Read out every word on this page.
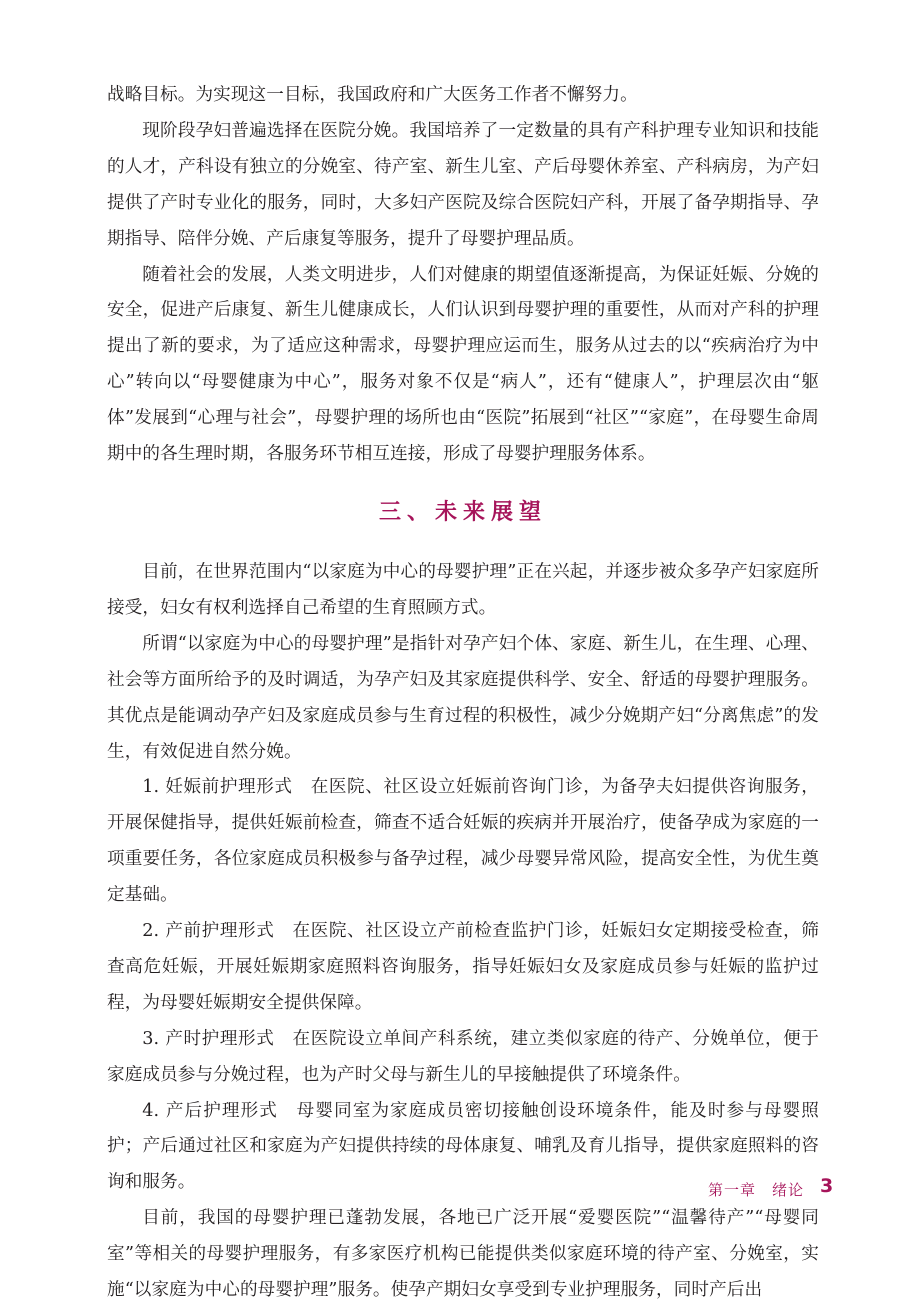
战略目标。为实现这一目标，我国政府和广大医务工作者不懈努力。

现阶段孕妇普遍选择在医院分娩。我国培养了一定数量的具有产科护理专业知识和技能的人才，产科设有独立的分娩室、待产室、新生儿室、产后母婴休养室、产科病房，为产妇提供了产时专业化的服务，同时，大多妇产医院及综合医院妇产科，开展了备孕期指导、孕期指导、陪伴分娩、产后康复等服务，提升了母婴护理品质。

随着社会的发展，人类文明进步，人们对健康的期望值逐渐提高，为保证妊娠、分娩的安全，促进产后康复、新生儿健康成长，人们认识到母婴护理的重要性，从而对产科的护理提出了新的要求，为了适应这种需求，母婴护理应运而生，服务从过去的以“疾病治疗为中心”转向以“母婴健康为中心”，服务对象不仅是“病人”，还有“健康人”，护理层次由“躯体”发展到“心理与社会”，母婴护理的场所也由“医院”拓展到“社区”“家庭”，在母婴生命周期中的各生理时期，各服务环节相互连接，形成了母婴护理服务体系。

三、未来展望

目前，在世界范围内“以家庭为中心的母婴护理”正在兴起，并逐步被众多孕产妇家庭所接受，妇女有权利选择自己希望的生育照顾方式。

所谓“以家庭为中心的母婴护理”是指针对孕产妇个体、家庭、新生儿，在生理、心理、社会等方面所给予的及时调适，为孕产妇及其家庭提供科学、安全、舒适的母婴护理服务。其优点是能调动孕产妇及家庭成员参与生育过程的积极性，减少分娩期产妇“分离焦虑”的发生，有效促进自然分娩。

1. 妊娠前护理形式　在医院、社区设立妊娠前咨询门诊，为备孕夫妇提供咨询服务，开展保健指导，提供妊娠前检查，筛查不适合妊娠的疾病并开展治疗，使备孕成为家庭的一项重要任务，各位家庭成员积极参与备孕过程，减少母婴异常风险，提高安全性，为优生奠定基础。

2. 产前护理形式　在医院、社区设立产前检查监护门诊，妊娠妇女定期接受检查，筛查高危妊娠，开展妊娠期家庭照料咨询服务，指导妊娠妇女及家庭成员参与妊娠的监护过程，为母婴妊娠期安全提供保障。

3. 产时护理形式　在医院设立单间产科系统，建立类似家庭的待产、分娩单位，便于家庭成员参与分娩过程，也为产时父母与新生儿的早接触提供了环境条件。

4. 产后护理形式　母婴同室为家庭成员密切接触创设环境条件，能及时参与母婴照护；产后通过社区和家庭为产妇提供持续的母体康复、哺乳及育儿指导，提供家庭照料的咨询和服务。

目前，我国的母婴护理已蓬勃发展，各地已广泛开展“爱婴医院”“温馨待产”“母婴同室”等相关的母婴护理服务，有多家医疗机构已能提供类似家庭环境的待产室、分娩室，实施“以家庭为中心的母婴护理”服务。使孕产期妇女享受到专业护理服务，同时产后出

第一章　绪论 3
